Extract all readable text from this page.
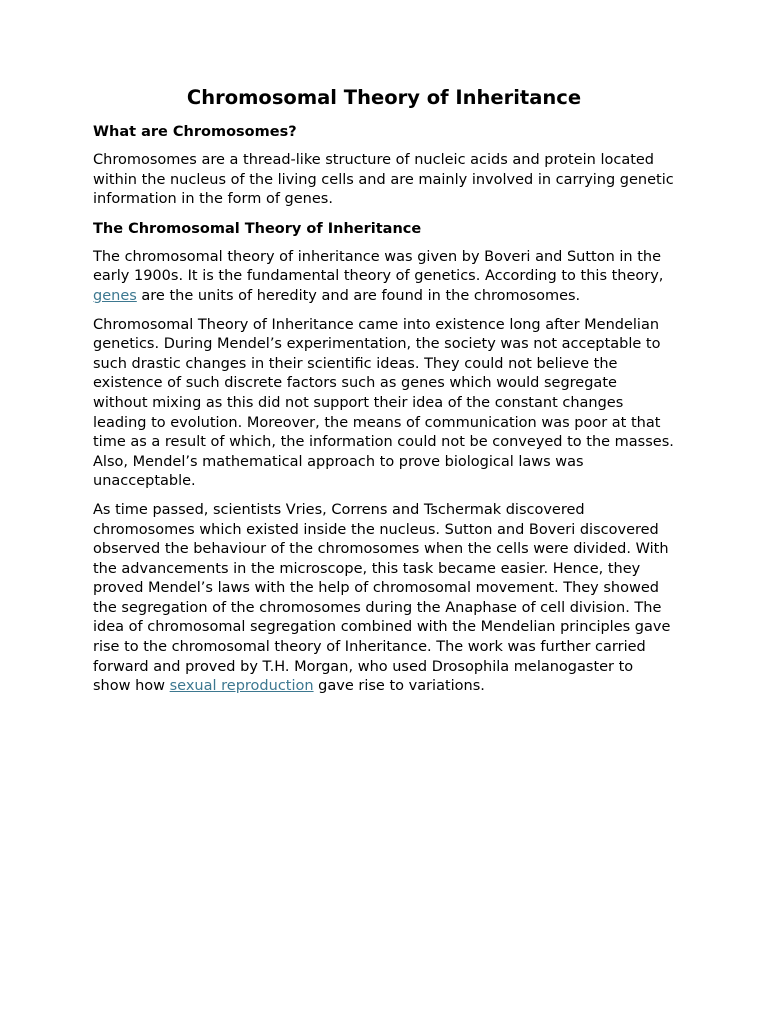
Chromosomal Theory of Inheritance
What are Chromosomes?

Chromosomes are a thread-like structure of nucleic acids and protein located within the nucleus of the living cells and are mainly involved in carrying genetic information in the form of genes.

The Chromosomal Theory of Inheritance

The chromosomal theory of inheritance was given by Boveri and Sutton in the early 1900s. It is the fundamental theory of genetics. According to this theory, genes are the units of heredity and are found in the chromosomes.

Chromosomal Theory of Inheritance came into existence long after Mendelian genetics. During Mendel’s experimentation, the society was not acceptable to such drastic changes in their scientific ideas. They could not believe the existence of such discrete factors such as genes which would segregate without mixing as this did not support their idea of the constant changes leading to evolution. Moreover, the means of communication was poor at that time as a result of which, the information could not be conveyed to the masses. Also, Mendel’s mathematical approach to prove biological laws was unacceptable.

As time passed, scientists Vries, Correns and Tschermak discovered chromosomes which existed inside the nucleus. Sutton and Boveri discovered observed the behaviour of the chromosomes when the cells were divided. With the advancements in the microscope, this task became easier. Hence, they proved Mendel’s laws with the help of chromosomal movement. They showed the segregation of the chromosomes during the Anaphase of cell division. The idea of chromosomal segregation combined with the Mendelian principles gave rise to the chromosomal theory of Inheritance. The work was further carried forward and proved by T.H. Morgan, who used Drosophila melanogaster to show how sexual reproduction gave rise to variations.
